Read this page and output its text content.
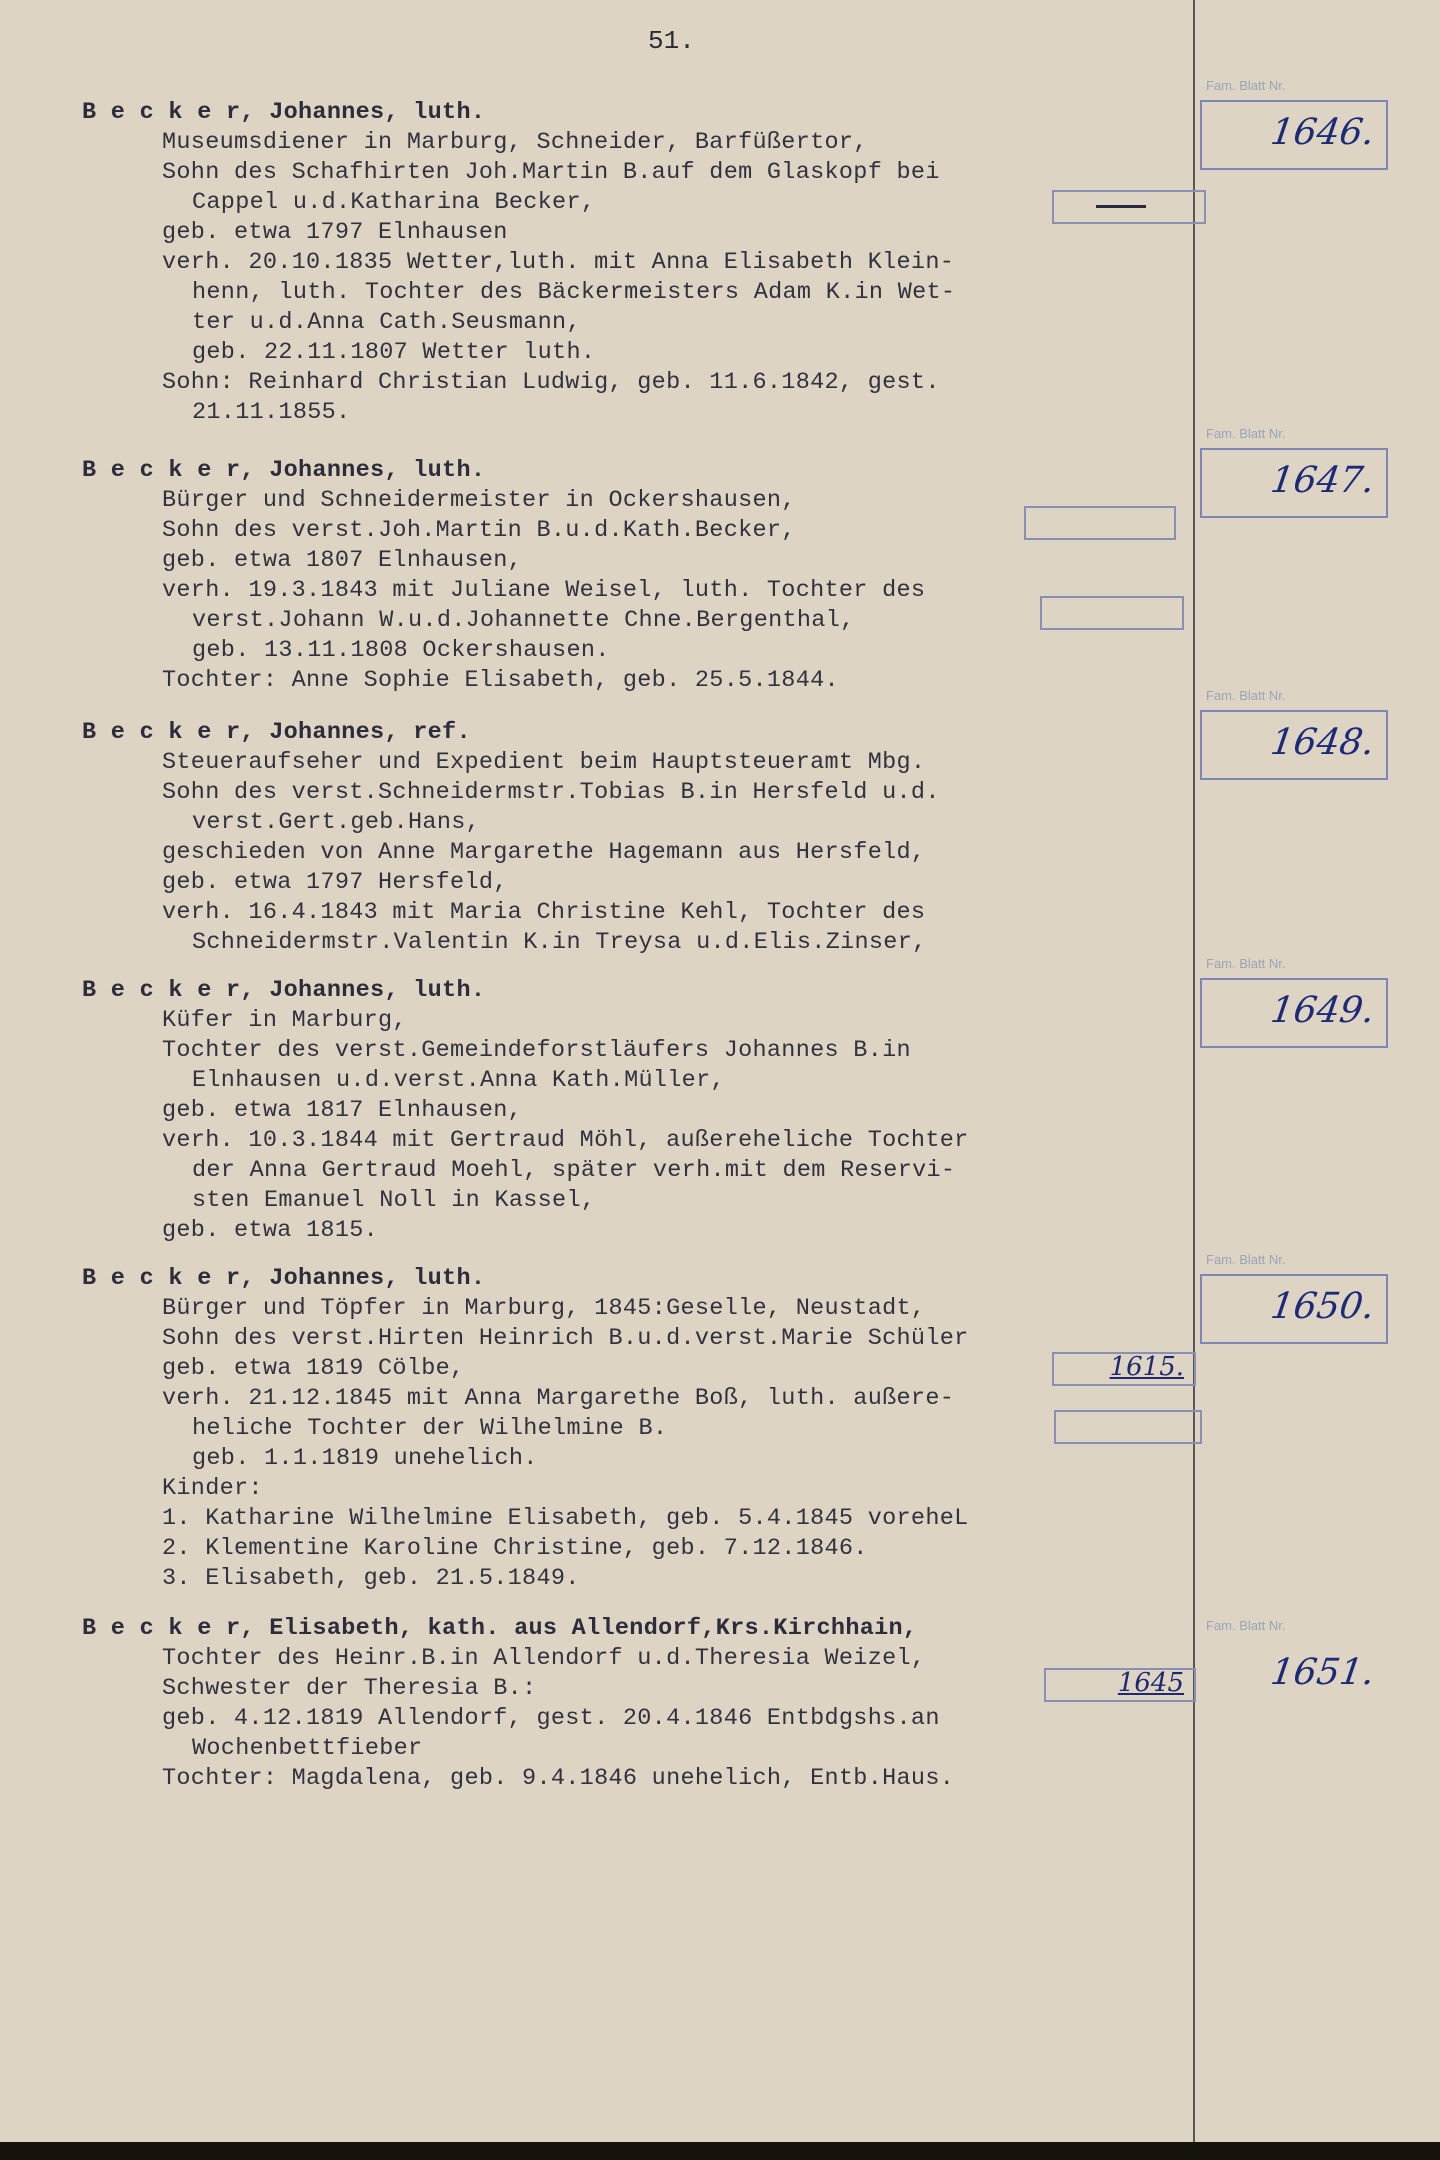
51.
B e c k e r, Johannes, luth.
Museumsdiener in Marburg, Schneider, Barfüßertor,
Sohn des Schafhirten Joh.Martin B.auf dem Glaskopf bei
Cappel u.d.Katharina Becker,
geb. etwa 1797 Elnhausen
verh. 20.10.1835 Wetter,luth. mit Anna Elisabeth Klein-
henn, luth. Tochter des Bäckermeisters Adam K.in Wet-
ter u.d.Anna Cath.Seusmann,
geb. 22.11.1807 Wetter luth.
Sohn: Reinhard Christian Ludwig, geb. 11.6.1842, gest.
21.11.1855.
Fam. Blatt Nr.
1646.
B e c k e r, Johannes, luth.
Bürger und Schneidermeister in Ockershausen,
Sohn des verst.Joh.Martin B.u.d.Kath.Becker,
geb. etwa 1807 Elnhausen,
verh. 19.3.1843 mit Juliane Weisel, luth. Tochter des
verst.Johann W.u.d.Johannette Chne.Bergenthal,
geb. 13.11.1808 Ockershausen.
Tochter: Anne Sophie Elisabeth, geb. 25.5.1844.
Fam. Blatt Nr.
1647.
B e c k e r, Johannes, ref.
Steueraufseher und Expedient beim Hauptsteueramt Mbg.
Sohn des verst.Schneidermstr.Tobias B.in Hersfeld u.d.
verst.Gert.geb.Hans,
geschieden von Anne Margarethe Hagemann aus Hersfeld,
geb. etwa 1797 Hersfeld,
verh. 16.4.1843 mit Maria Christine Kehl, Tochter des
Schneidermstr.Valentin K.in Treysa u.d.Elis.Zinser,
Fam. Blatt Nr.
1648.
B e c k e r, Johannes, luth.
Küfer in Marburg,
Tochter des verst.Gemeindeforstläufers Johannes B.in
Elnhausen u.d.verst.Anna Kath.Müller,
geb. etwa 1817 Elnhausen,
verh. 10.3.1844 mit Gertraud Möhl, außereheliche Tochter
der Anna Gertraud Moehl, später verh.mit dem Reservi-
sten Emanuel Noll in Kassel,
geb. etwa 1815.
Fam. Blatt Nr.
1649.
B e c k e r, Johannes, luth.
Bürger und Töpfer in Marburg, 1845:Geselle, Neustadt,
Sohn des verst.Hirten Heinrich B.u.d.verst.Marie Schüler
geb. etwa 1819 Cölbe,
verh. 21.12.1845 mit Anna Margarethe Boß, luth. außere-
heliche Tochter der Wilhelmine B.
geb. 1.1.1819 unehelich.
Kinder:
1. Katharine Wilhelmine Elisabeth, geb. 5.4.1845 voreheL
2. Klementine Karoline Christine, geb. 7.12.1846.
3. Elisabeth, geb. 21.5.1849.
Fam. Blatt Nr.
1650.
1615.
B e c k e r, Elisabeth, kath. aus Allendorf,Krs.Kirchhain,
Tochter des Heinr.B.in Allendorf u.d.Theresia Weizel,
Schwester der Theresia B.:
geb. 4.12.1819 Allendorf, gest. 20.4.1846 Entbdgshs.an
Wochenbettfieber
Tochter: Magdalena, geb. 9.4.1846 unehelich, Entb.Haus.
Fam. Blatt Nr.
1651.
1645
